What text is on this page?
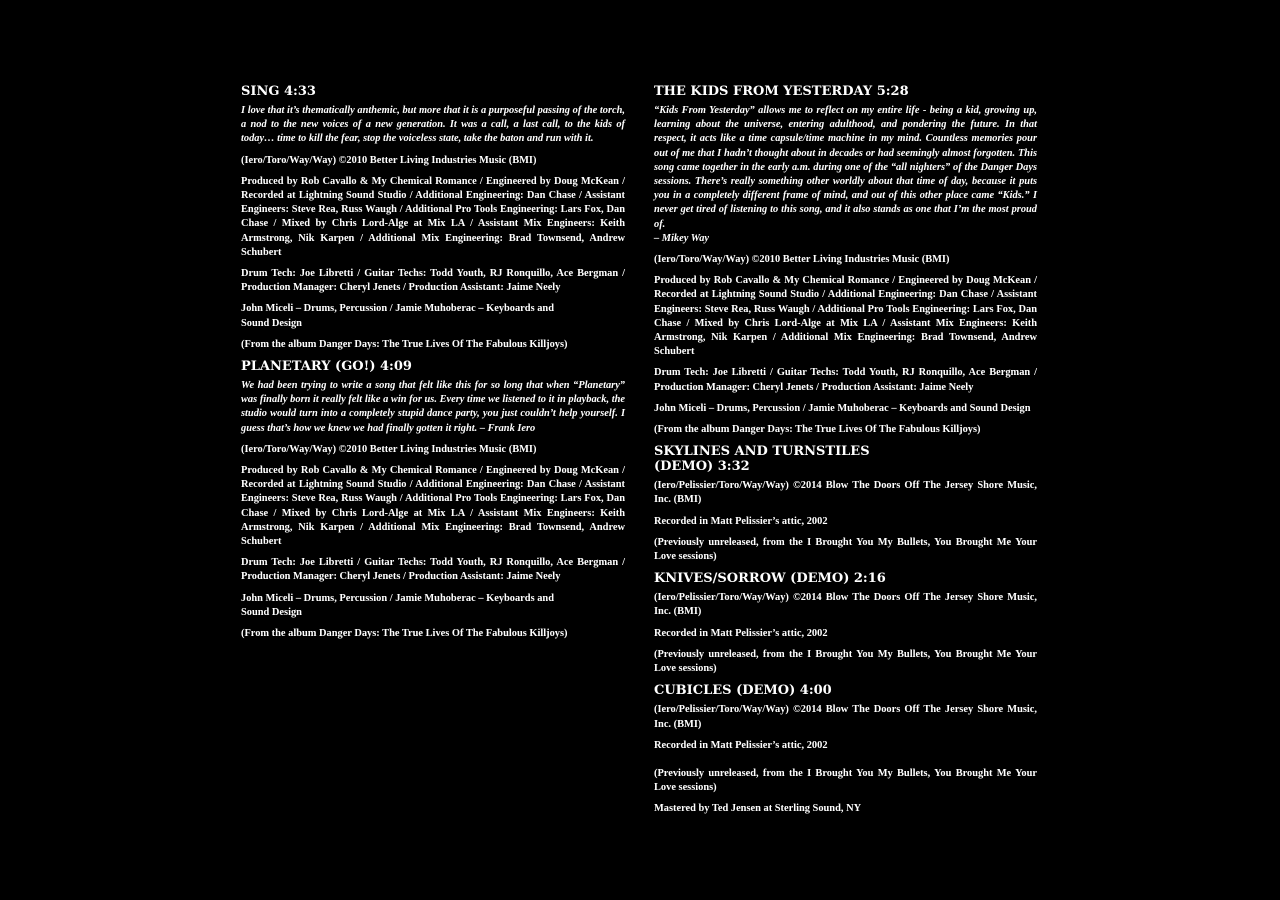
SING 4:33
I love that it’s thematically anthemic, but more that it is a purposeful passing of the torch, a nod to the new voices of a new generation. It was a call, a last call, to the kids of today… time to kill the fear, stop the voiceless state, take the baton and run with it.
(Iero/Toro/Way/Way) ©2010 Better Living Industries Music (BMI)
Produced by Rob Cavallo & My Chemical Romance / Engineered by Doug McKean / Recorded at Lightning Sound Studio / Additional Engineering: Dan Chase / Assistant Engineers: Steve Rea, Russ Waugh / Additional Pro Tools Engineering: Lars Fox, Dan Chase / Mixed by Chris Lord-Alge at Mix LA / Assistant Mix Engineers: Keith Armstrong, Nik Karpen / Additional Mix Engineering: Brad Townsend, Andrew Schubert
Drum Tech: Joe Libretti / Guitar Techs: Todd Youth, RJ Ronquillo, Ace Bergman / Production Manager: Cheryl Jenets / Production Assistant: Jaime Neely
John Miceli – Drums, Percussion / Jamie Muhoberac – Keyboards and
Sound Design
(From the album Danger Days: The True Lives Of The Fabulous Killjoys)
PLANETARY (GO!) 4:09
We had been trying to write a song that felt like this for so long that when “Planetary” was finally born it really felt like a win for us. Every time we listened to it in playback, the studio would turn into a completely stupid dance party, you just couldn’t help yourself. I guess that’s how we knew we had finally gotten it right. – Frank Iero
(Iero/Toro/Way/Way) ©2010 Better Living Industries Music (BMI)
Produced by Rob Cavallo & My Chemical Romance / Engineered by Doug McKean / Recorded at Lightning Sound Studio / Additional Engineering: Dan Chase / Assistant Engineers: Steve Rea, Russ Waugh / Additional Pro Tools Engineering: Lars Fox, Dan Chase / Mixed by Chris Lord-Alge at Mix LA / Assistant Mix Engineers: Keith Armstrong, Nik Karpen / Additional Mix Engineering: Brad Townsend, Andrew Schubert
Drum Tech: Joe Libretti / Guitar Techs: Todd Youth, RJ Ronquillo, Ace Bergman / Production Manager: Cheryl Jenets / Production Assistant: Jaime Neely
John Miceli – Drums, Percussion / Jamie Muhoberac – Keyboards and
Sound Design
(From the album Danger Days: The True Lives Of The Fabulous Killjoys)
THE KIDS FROM YESTERDAY 5:28
“Kids From Yesterday” allows me to reflect on my entire life - being a kid, growing up, learning about the universe, entering adulthood, and pondering the future. In that respect, it acts like a time capsule/time machine in my mind. Countless memories pour out of me that I hadn’t thought about in decades or had seemingly almost forgotten. This song came together in the early a.m. during one of the “all nighters” of the Danger Days sessions. There’s really something other worldly about that time of day, because it puts you in a completely different frame of mind, and out of this other place came “Kids.” I never get tired of listening to this song, and it also stands as one that I’m the most proud of.
– Mikey Way
(Iero/Toro/Way/Way) ©2010 Better Living Industries Music (BMI)
Produced by Rob Cavallo & My Chemical Romance / Engineered by Doug McKean / Recorded at Lightning Sound Studio / Additional Engineering: Dan Chase / Assistant Engineers: Steve Rea, Russ Waugh / Additional Pro Tools Engineering: Lars Fox, Dan Chase / Mixed by Chris Lord-Alge at Mix LA / Assistant Mix Engineers: Keith Armstrong, Nik Karpen / Additional Mix Engineering: Brad Townsend, Andrew Schubert
Drum Tech: Joe Libretti / Guitar Techs: Todd Youth, RJ Ronquillo, Ace Bergman / Production Manager: Cheryl Jenets / Production Assistant: Jaime Neely
John Miceli – Drums, Percussion / Jamie Muhoberac – Keyboards and Sound Design
(From the album Danger Days: The True Lives Of The Fabulous Killjoys)
SKYLINES AND TURNSTILES
(DEMO) 3:32
(Iero/Pelissier/Toro/Way/Way) ©2014 Blow The Doors Off The Jersey Shore Music, Inc. (BMI)
Recorded in Matt Pelissier’s attic, 2002
(Previously unreleased, from the I Brought You My Bullets, You Brought Me Your Love sessions)
KNIVES/SORROW (DEMO) 2:16
(Iero/Pelissier/Toro/Way/Way) ©2014 Blow The Doors Off The Jersey Shore Music, Inc. (BMI)
Recorded in Matt Pelissier’s attic, 2002
(Previously unreleased, from the I Brought You My Bullets, You Brought Me Your Love sessions)
CUBICLES (DEMO) 4:00
(Iero/Pelissier/Toro/Way/Way) ©2014 Blow The Doors Off The Jersey Shore Music, Inc. (BMI)
Recorded in Matt Pelissier’s attic, 2002
(Previously unreleased, from the I Brought You My Bullets, You Brought Me Your Love sessions)
Mastered by Ted Jensen at Sterling Sound, NY
